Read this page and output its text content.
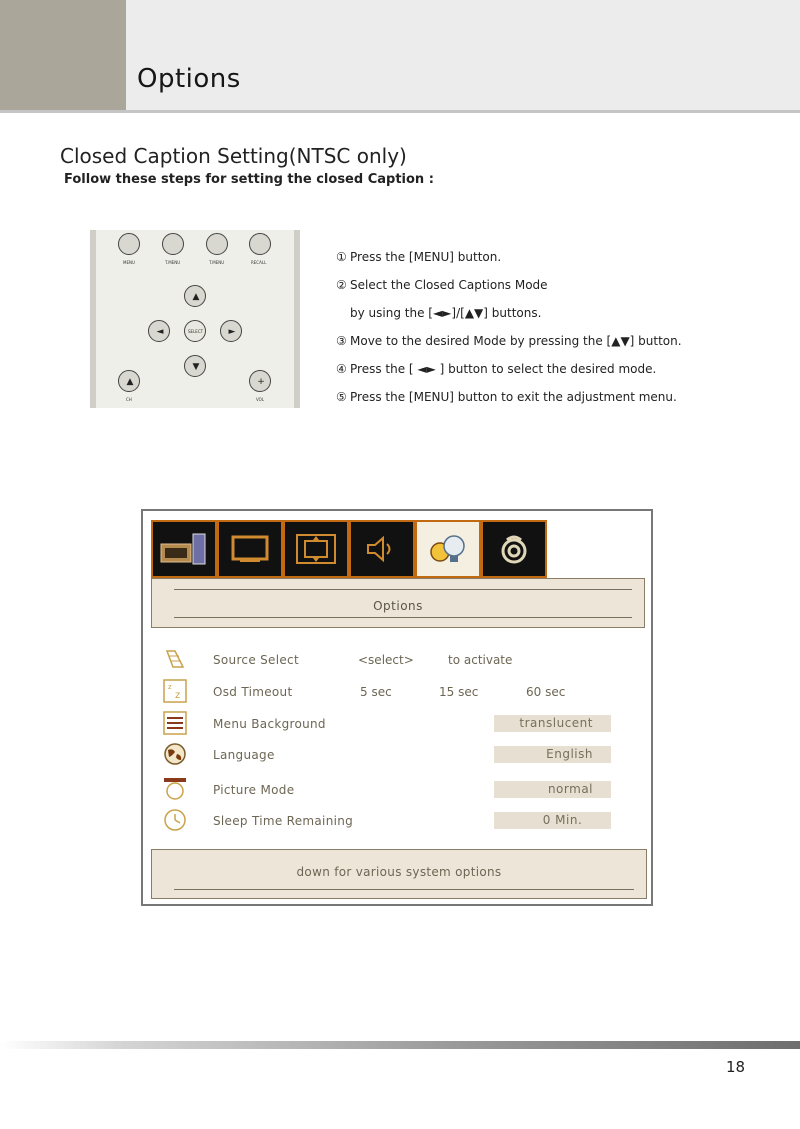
Options
Closed Caption Setting(NTSC only)
Follow these steps for setting the closed Caption :
MENU	T.MENU	T.MENU	RECALL
▲
◄	SELECT	►
▼
▲
CH
+
VOL
① Press the [MENU] button.
② Select the Closed Captions Mode
by using the [◄►]/[▲▼] buttons.
③ Move to the desired Mode by pressing the [▲▼] button.
④ Press the [ ◄► ] button to select the desired mode.
⑤ Press the [MENU] button to exit the adjustment menu.
Options
Source Select	<select>	to activate
z
z	Osd Timeout	5 sec	15 sec	60 sec
Menu Background	translucent
Language	English
Picture Mode	normal
Sleep Time Remaining	0 Min.
down for various system options
18
